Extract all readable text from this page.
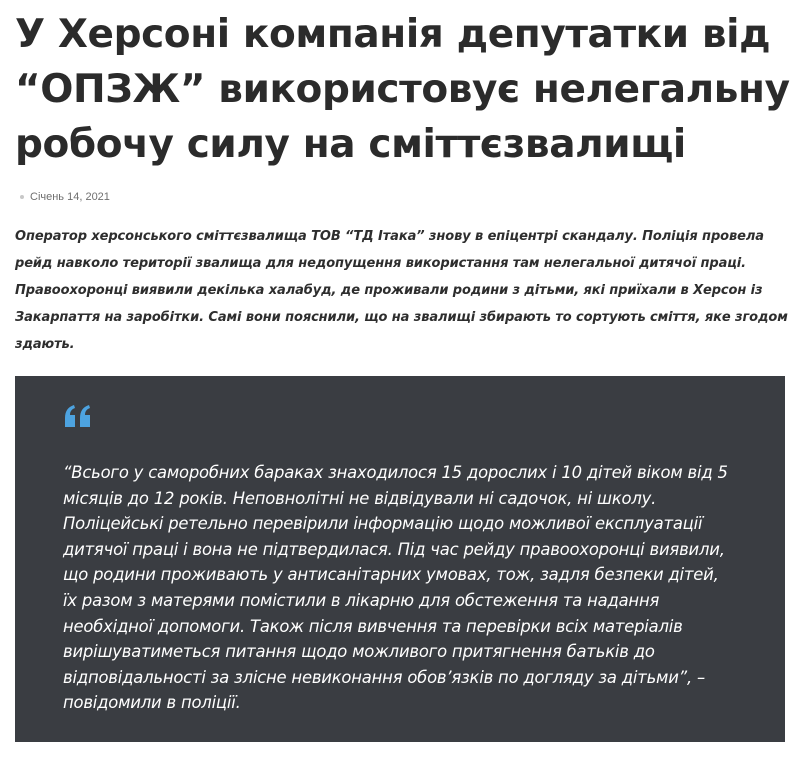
У Херсоні компанія депутатки від “ОПЗЖ” використовує нелегальну робочу силу на сміттєзвалищі
Січень 14, 2021

Оператор херсонського сміттєзвалища ТОВ “ТД Ітака” знову в епіцентрі скандалу. Поліція провела рейд навколо території звалища для недопущення використання там нелегальної дитячої праці. Правоохоронці виявили декілька халабуд, де проживали родини з дітьми, які приїхали в Херсон із Закарпаття на заробітки. Самі вони пояснили, що на звалищі збирають то сортують сміття, яке згодом здають.

“Всього у саморобних бараках знаходилося 15 дорослих і 10 дітей віком від 5 місяців до 12 років. Неповнолітні не відвідували ні садочок, ні школу. Поліцейські ретельно перевірили інформацію щодо можливої експлуатації дитячої праці і вона не підтвердилася. Під час рейду правоохоронці виявили, що родини проживають у антисанітарних умовах, тож, задля безпеки дітей, їх разом з матерями помістили в лікарню для обстеження та надання необхідної допомоги. Також після вивчення та перевірки всіх матеріалів вирішуватиметься питання щодо можливого притягнення батьків до відповідальності за злісне невиконання обов’язків по догляду за дітьми”, – повідомили в поліції.
